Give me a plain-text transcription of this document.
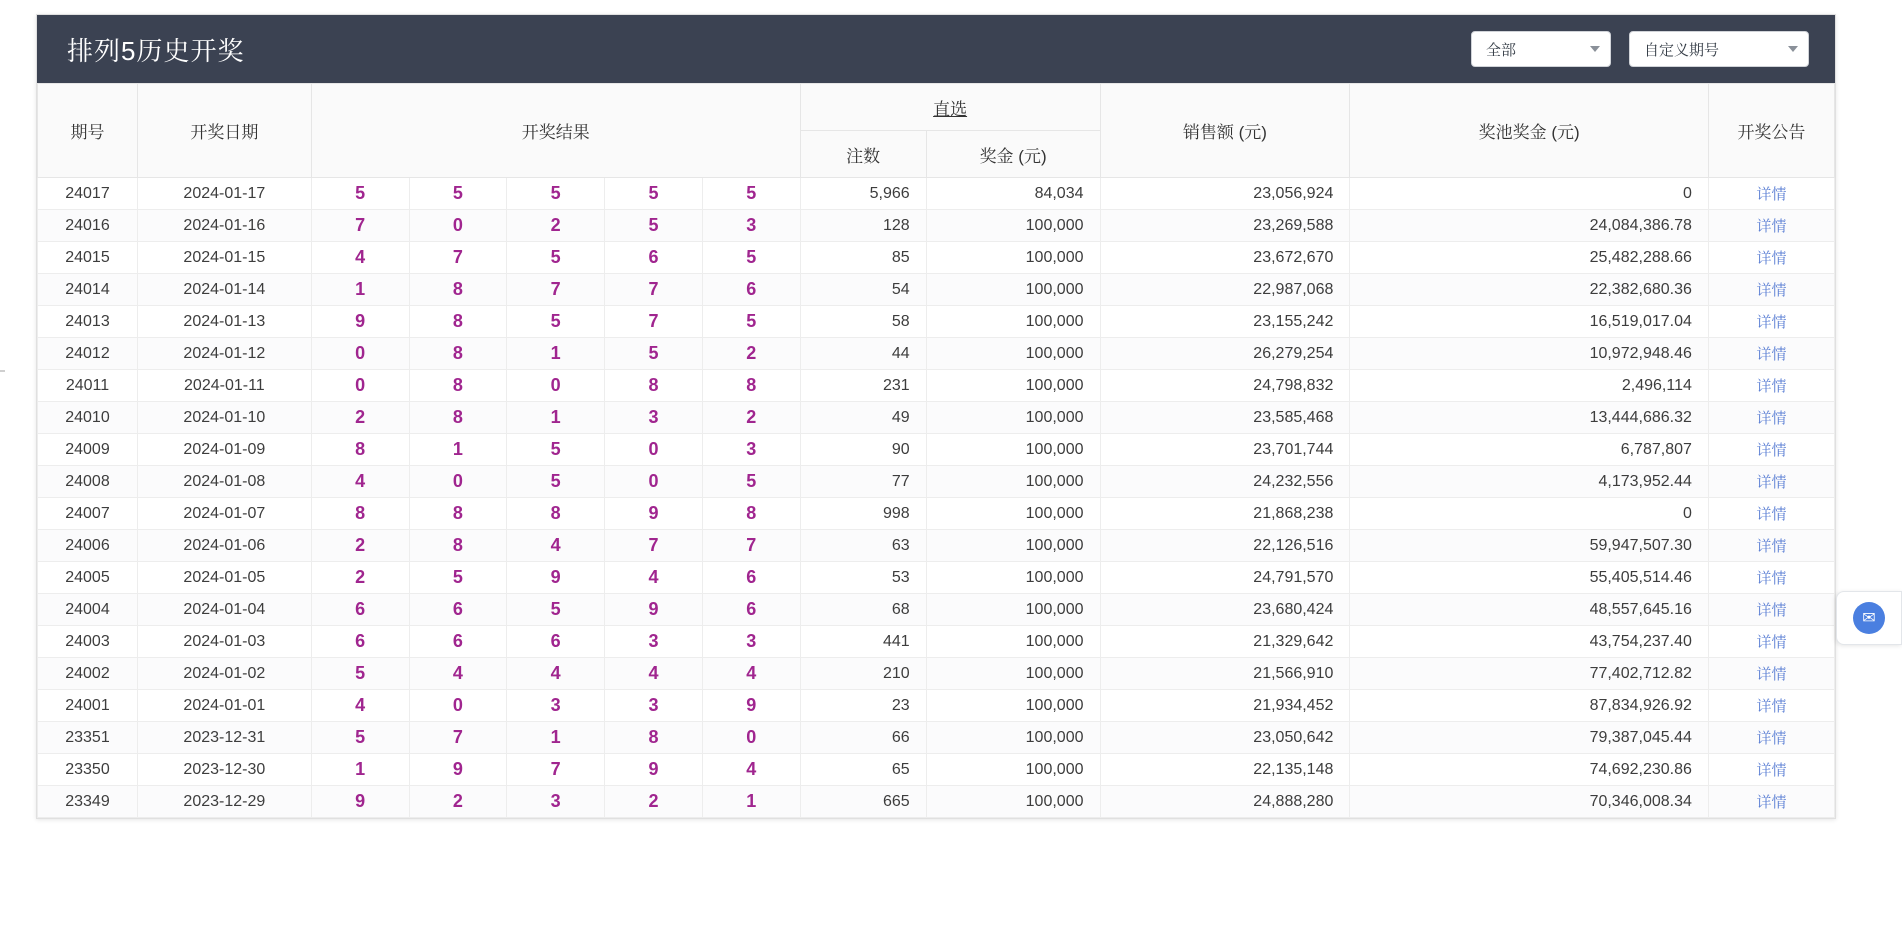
排列5历史开奖	全部	自定义期号
期号	开奖日期	开奖结果					直选		销售额 (元)	奖池奖金 (元)	开奖公告
							注数	奖金 (元)			
24017	2024-01-17	5	5	5	5	5	5,966	84,034	23,056,924	0	详情
24016	2024-01-16	7	0	2	5	3	128	100,000	23,269,588	24,084,386.78	详情
24015	2024-01-15	4	7	5	6	5	85	100,000	23,672,670	25,482,288.66	详情
24014	2024-01-14	1	8	7	7	6	54	100,000	22,987,068	22,382,680.36	详情
24013	2024-01-13	9	8	5	7	5	58	100,000	23,155,242	16,519,017.04	详情
24012	2024-01-12	0	8	1	5	2	44	100,000	26,279,254	10,972,948.46	详情
24011	2024-01-11	0	8	0	8	8	231	100,000	24,798,832	2,496,114	详情
24010	2024-01-10	2	8	1	3	2	49	100,000	23,585,468	13,444,686.32	详情
24009	2024-01-09	8	1	5	0	3	90	100,000	23,701,744	6,787,807	详情
24008	2024-01-08	4	0	5	0	5	77	100,000	24,232,556	4,173,952.44	详情
24007	2024-01-07	8	8	8	9	8	998	100,000	21,868,238	0	详情
24006	2024-01-06	2	8	4	7	7	63	100,000	22,126,516	59,947,507.30	详情
24005	2024-01-05	2	5	9	4	6	53	100,000	24,791,570	55,405,514.46	详情
24004	2024-01-04	6	6	5	9	6	68	100,000	23,680,424	48,557,645.16	详情
24003	2024-01-03	6	6	6	3	3	441	100,000	21,329,642	43,754,237.40	详情
24002	2024-01-02	5	4	4	4	4	210	100,000	21,566,910	77,402,712.82	详情
24001	2024-01-01	4	0	3	3	9	23	100,000	21,934,452	87,834,926.92	详情
23351	2023-12-31	5	7	1	8	0	66	100,000	23,050,642	79,387,045.44	详情
23350	2023-12-30	1	9	7	9	4	65	100,000	22,135,148	74,692,230.86	详情
23349	2023-12-29	9	2	3	2	1	665	100,000	24,888,280	70,346,008.34	详情
✉
